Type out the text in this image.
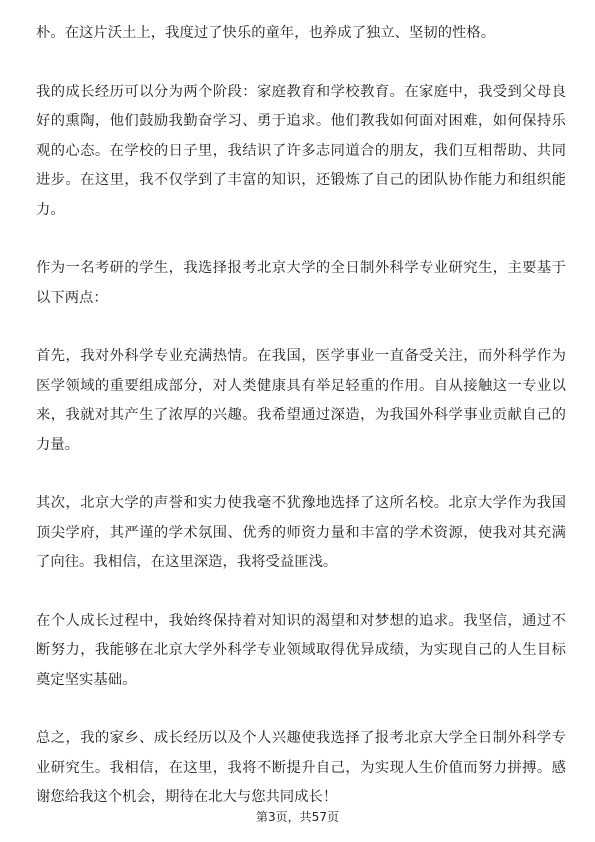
朴。在这片沃土上，我度过了快乐的童年，也养成了独立、坚韧的性格。

我的成长经历可以分为两个阶段：家庭教育和学校教育。在家庭中，我受到父母良好的熏陶，他们鼓励我勤奋学习、勇于追求。他们教我如何面对困难，如何保持乐观的心态。在学校的日子里，我结识了许多志同道合的朋友，我们互相帮助、共同进步。在这里，我不仅学到了丰富的知识，还锻炼了自己的团队协作能力和组织能力。

作为一名考研的学生，我选择报考北京大学的全日制外科学专业研究生，主要基于以下两点：

首先，我对外科学专业充满热情。在我国，医学事业一直备受关注，而外科学作为医学领域的重要组成部分，对人类健康具有举足轻重的作用。自从接触这一专业以来，我就对其产生了浓厚的兴趣。我希望通过深造，为我国外科学事业贡献自己的力量。

其次，北京大学的声誉和实力使我毫不犹豫地选择了这所名校。北京大学作为我国顶尖学府，其严谨的学术氛围、优秀的师资力量和丰富的学术资源，使我对其充满了向往。我相信，在这里深造，我将受益匪浅。

在个人成长过程中，我始终保持着对知识的渴望和对梦想的追求。我坚信，通过不断努力，我能够在北京大学外科学专业领域取得优异成绩，为实现自己的人生目标奠定坚实基础。

总之，我的家乡、成长经历以及个人兴趣使我选择了报考北京大学全日制外科学专业研究生。我相信，在这里，我将不断提升自己，为实现人生价值而努力拼搏。感谢您给我这个机会，期待在北大与您共同成长！

第3页，共57页
